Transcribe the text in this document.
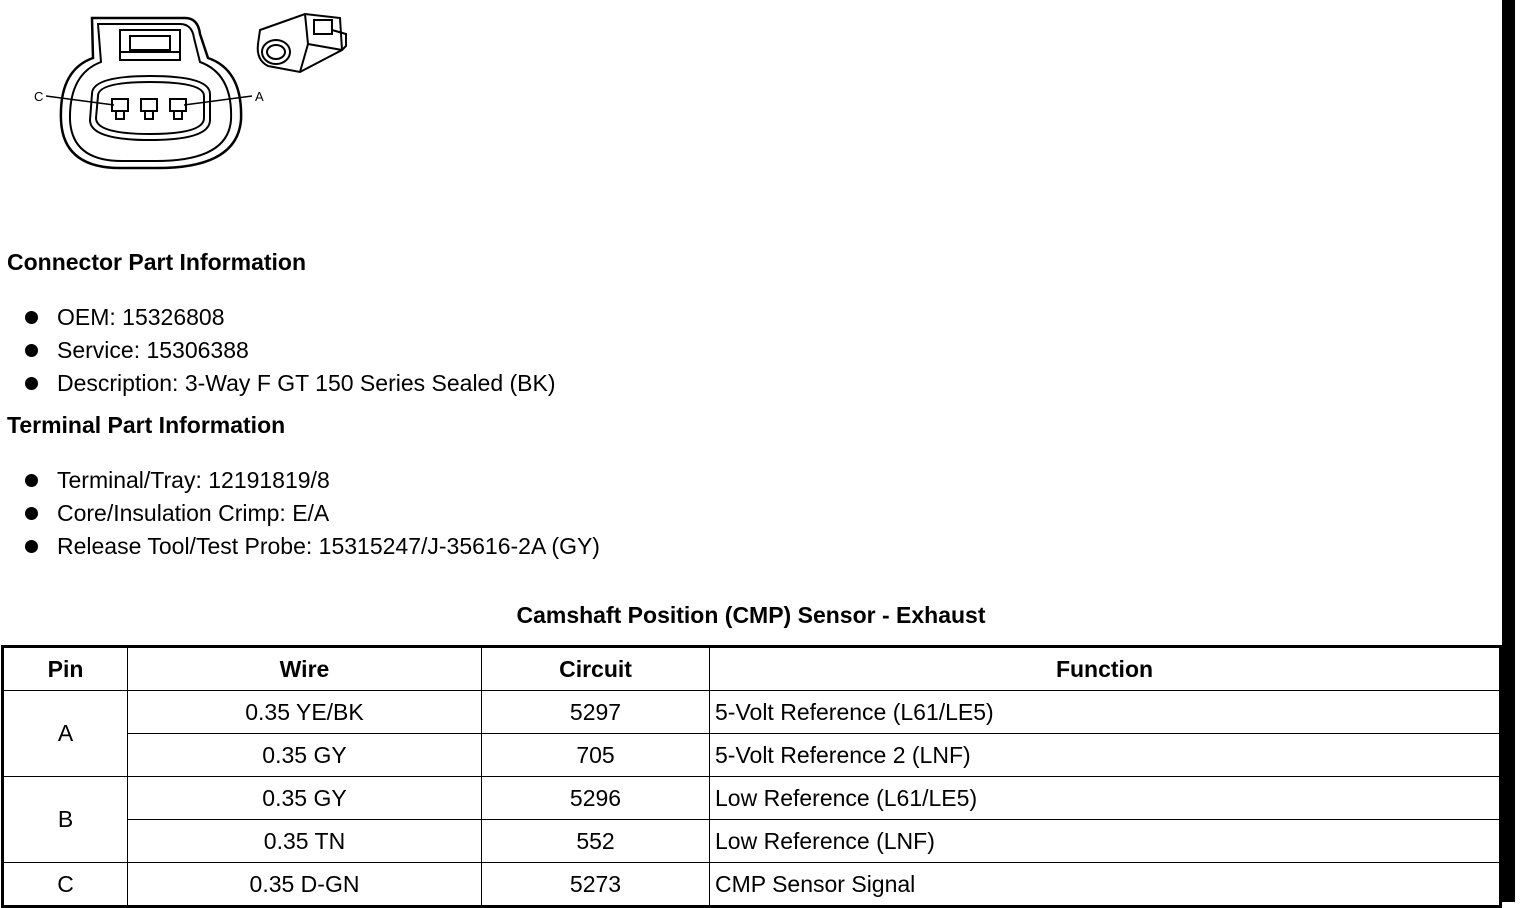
C	A
Connector Part Information
OEM: 15326808
Service: 15306388
Description: 3-Way F GT 150 Series Sealed (BK)
Terminal Part Information
Terminal/Tray: 12191819/8
Core/Insulation Crimp: E/A
Release Tool/Test Probe: 15315247/J-35616-2A (GY)
Camshaft Position (CMP) Sensor - Exhaust
Pin	Wire	Circuit	Function
A	0.35 YE/BK	5297	5-Volt Reference (L61/LE5)
	0.35 GY	705	5-Volt Reference 2 (LNF)
B	0.35 GY	5296	Low Reference (L61/LE5)
	0.35 TN	552	Low Reference (LNF)
C	0.35 D-GN	5273	CMP Sensor Signal
